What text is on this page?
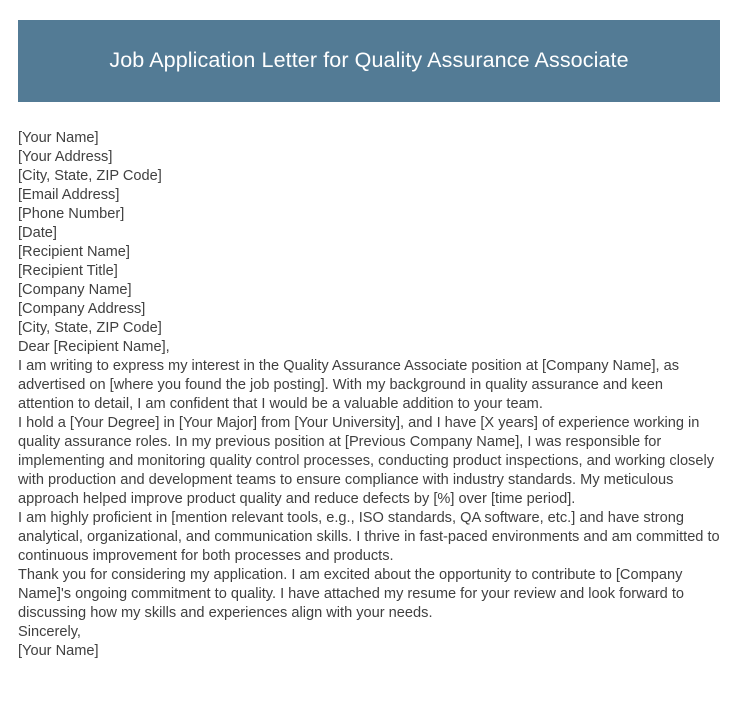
Job Application Letter for Quality Assurance Associate
[Your Name]
[Your Address]
[City, State, ZIP Code]
[Email Address]
[Phone Number]
[Date]
[Recipient Name]
[Recipient Title]
[Company Name]
[Company Address]
[City, State, ZIP Code]
Dear [Recipient Name],

I am writing to express my interest in the Quality Assurance Associate position at [Company Name], as advertised on [where you found the job posting]. With my background in quality assurance and keen attention to detail, I am confident that I would be a valuable addition to your team.

I hold a [Your Degree] in [Your Major] from [Your University], and I have [X years] of experience working in quality assurance roles. In my previous position at [Previous Company Name], I was responsible for implementing and monitoring quality control processes, conducting product inspections, and working closely with production and development teams to ensure compliance with industry standards. My meticulous approach helped improve product quality and reduce defects by [%] over [time period].

I am highly proficient in [mention relevant tools, e.g., ISO standards, QA software, etc.] and have strong analytical, organizational, and communication skills. I thrive in fast-paced environments and am committed to continuous improvement for both processes and products.

Thank you for considering my application. I am excited about the opportunity to contribute to [Company Name]'s ongoing commitment to quality. I have attached my resume for your review and look forward to discussing how my skills and experiences align with your needs.

Sincerely,
[Your Name]
